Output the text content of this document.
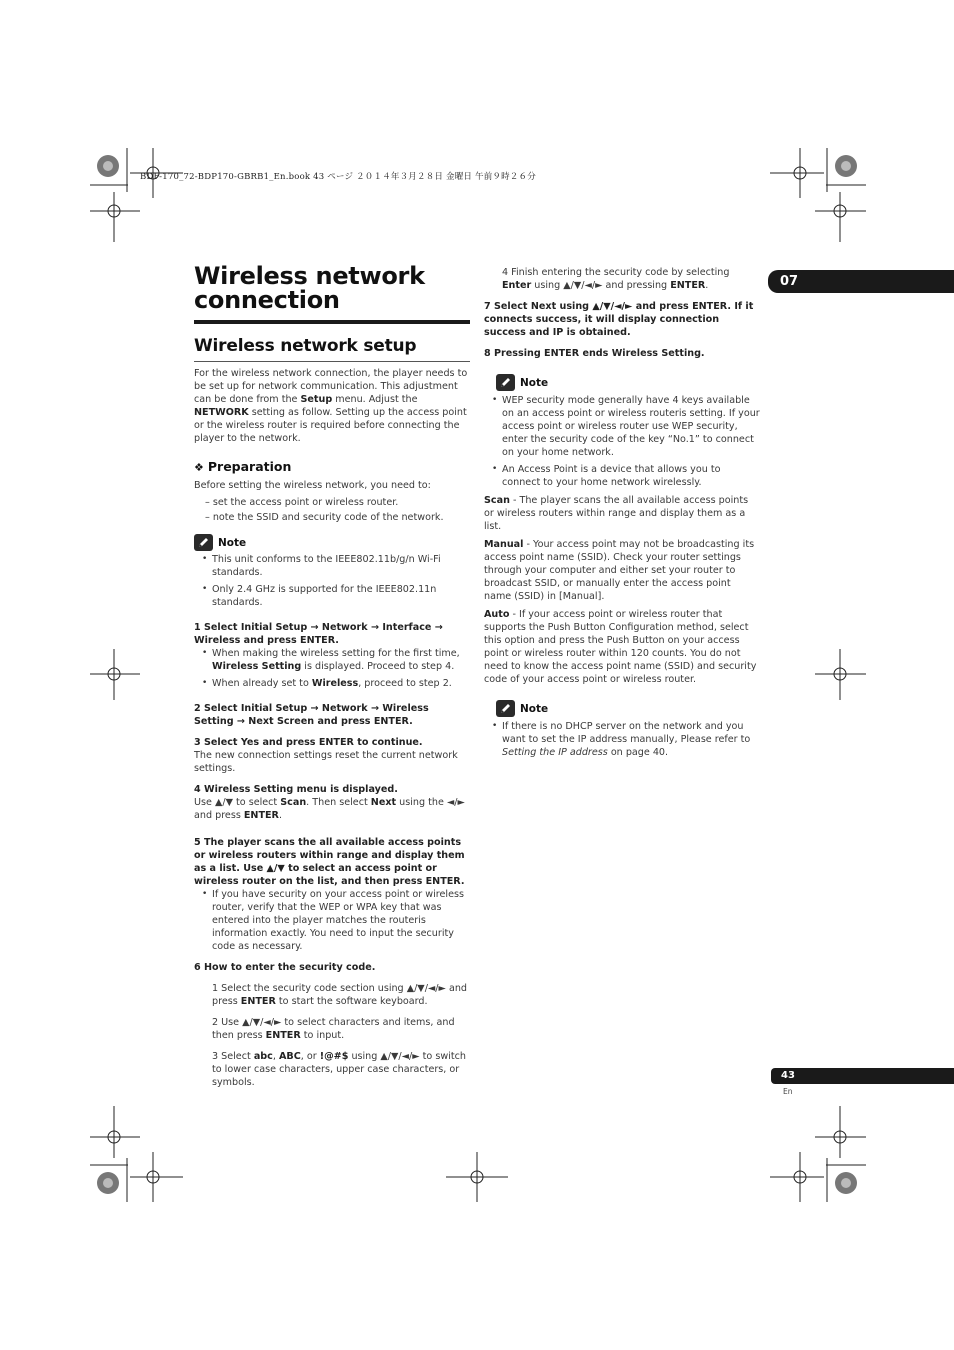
BDF-170_72-BDP170-GBRB1_En.book 43 ページ ２０１４年３月２８日 金曜日 午前９時２６分
07
43
En
Wireless network connection
Wireless network setup

For the wireless network connection, the player needs to be set up for network communication. This adjustment can be done from the Setup menu. Adjust the NETWORK setting as follow. Setting up the access point or the wireless router is required before connecting the player to the network.

❖ Preparation

Before setting the wireless network, you need to:

– set the access point or wireless router.

– note the SSID and security code of the network.

Note

• This unit conforms to the IEEE802.11b/g/n Wi-Fi standards.

• Only 2.4 GHz is supported for the IEEE802.11n standards.

1 Select Initial Setup → Network → Interface → Wireless and press ENTER.

• When making the wireless setting for the first time, Wireless Setting is displayed. Proceed to step 4.

• When already set to Wireless, proceed to step 2.

2 Select Initial Setup → Network → Wireless Setting → Next Screen and press ENTER.

3 Select Yes and press ENTER to continue.

The new connection settings reset the current network settings.

4 Wireless Setting menu is displayed.

Use ▲/▼ to select Scan. Then select Next using the ◄/► and press ENTER.

5 The player scans the all available access points or wireless routers within range and display them as a list. Use ▲/▼ to select an access point or wireless router on the list, and then press ENTER.

• If you have security on your access point or wireless router, verify that the WEP or WPA key that was entered into the player matches the routeris information exactly. You need to input the security code as necessary.

6 How to enter the security code.

1 Select the security code section using ▲/▼/◄/► and press ENTER to start the software keyboard.

2 Use ▲/▼/◄/► to select characters and items, and then press ENTER to input.

3 Select abc, ABC, or !@#$ using ▲/▼/◄/► to switch to lower case characters, upper case characters, or symbols.

4 Finish entering the security code by selecting Enter using ▲/▼/◄/► and pressing ENTER.

7 Select Next using ▲/▼/◄/► and press ENTER. If it connects success, it will display connection success and IP is obtained.

8 Pressing ENTER ends Wireless Setting.

Note

• WEP security mode generally have 4 keys available on an access point or wireless routeris setting. If your access point or wireless router use WEP security, enter the security code of the key “No.1” to connect on your home network.

• An Access Point is a device that allows you to connect to your home network wirelessly.

Scan - The player scans the all available access points or wireless routers within range and display them as a list.

Manual - Your access point may not be broadcasting its access point name (SSID). Check your router settings through your computer and either set your router to broadcast SSID, or manually enter the access point name (SSID) in [Manual].

Auto - If your access point or wireless router that supports the Push Button Configuration method, select this option and press the Push Button on your access point or wireless router within 120 counts. You do not need to know the access point name (SSID) and security code of your access point or wireless router.

Note

• If there is no DHCP server on the network and you want to set the IP address manually, Please refer to Setting the IP address on page 40.
